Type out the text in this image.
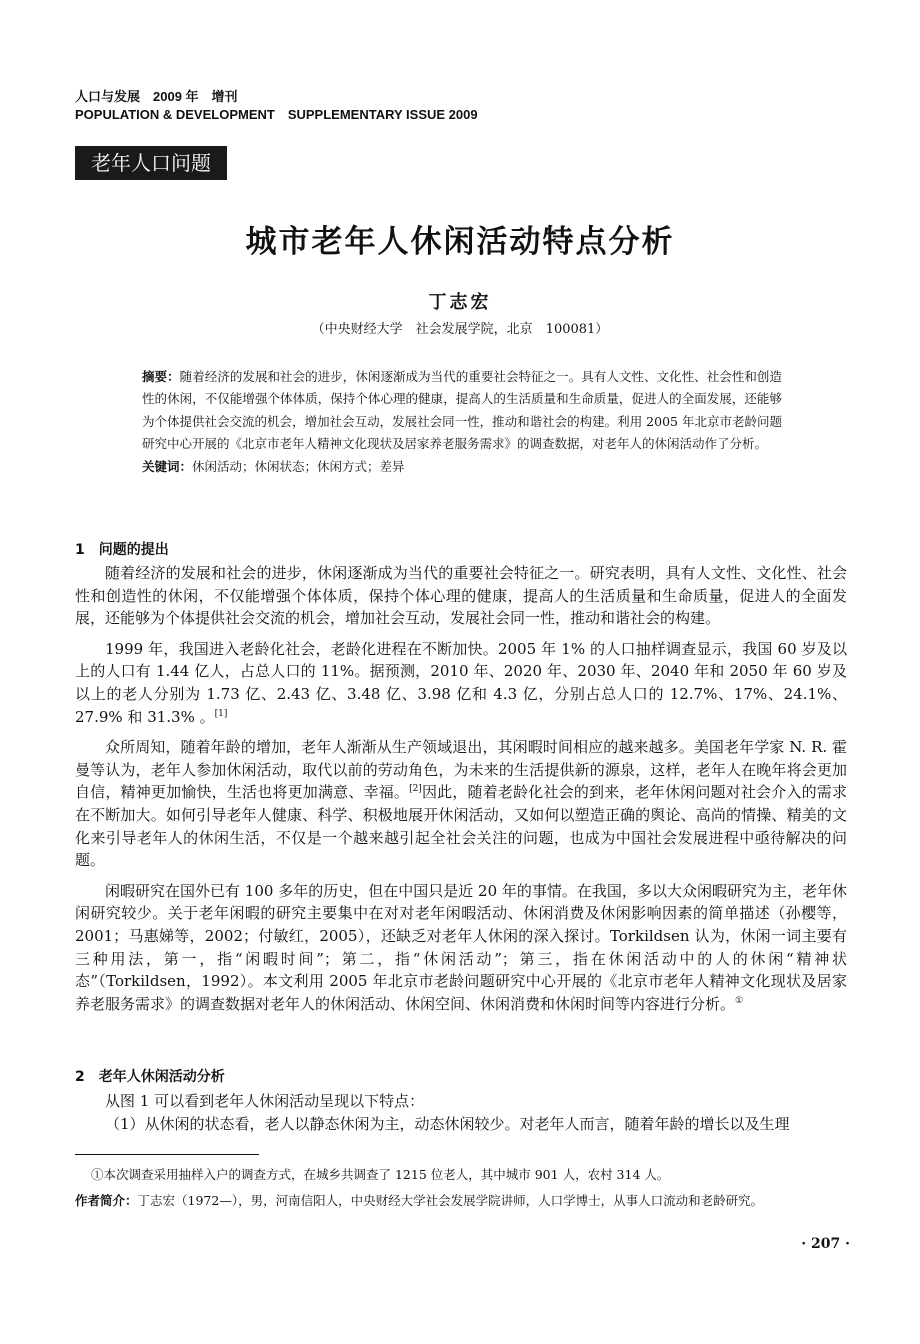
人口与发展　2009 年　增刊
POPULATION & DEVELOPMENT　SUPPLEMENTARY ISSUE 2009
老年人口问题
城市老年人休闲活动特点分析
丁志宏
（中央财经大学　社会发展学院，北京　100081）
摘要：随着经济的发展和社会的进步，休闲逐渐成为当代的重要社会特征之一。具有人文性、文化性、社会性和创造性的休闲，不仅能增强个体体质，保持个体心理的健康，提高人的生活质量和生命质量，促进人的全面发展，还能够为个体提供社会交流的机会，增加社会互动，发展社会同一性，推动和谐社会的构建。利用 2005 年北京市老龄问题研究中心开展的《北京市老年人精神文化现状及居家养老服务需求》的调查数据，对老年人的休闲活动作了分析。
关键词：休闲活动；休闲状态；休闲方式；差异
1　问题的提出

随着经济的发展和社会的进步，休闲逐渐成为当代的重要社会特征之一。研究表明，具有人文性、文化性、社会性和创造性的休闲，不仅能增强个体体质，保持个体心理的健康，提高人的生活质量和生命质量，促进人的全面发展，还能够为个体提供社会交流的机会，增加社会互动，发展社会同一性，推动和谐社会的构建。

1999 年，我国进入老龄化社会，老龄化进程在不断加快。2005 年 1% 的人口抽样调查显示，我国 60 岁及以上的人口有 1.44 亿人，占总人口的 11%。据预测，2010 年、2020 年、2030 年、2040 年和 2050 年 60 岁及以上的老人分别为 1.73 亿、2.43 亿、3.48 亿、3.98 亿和 4.3 亿，分别占总人口的 12.7%、17%、24.1%、27.9% 和 31.3% 。[1]

众所周知，随着年龄的增加，老年人渐渐从生产领域退出，其闲暇时间相应的越来越多。美国老年学家 N. R. 霍曼等认为，老年人参加休闲活动，取代以前的劳动角色，为未来的生活提供新的源泉，这样，老年人在晚年将会更加自信，精神更加愉快，生活也将更加满意、幸福。[2]因此，随着老龄化社会的到来，老年休闲问题对社会介入的需求在不断加大。如何引导老年人健康、科学、积极地展开休闲活动，又如何以塑造正确的舆论、高尚的情操、精美的文化来引导老年人的休闲生活，不仅是一个越来越引起全社会关注的问题，也成为中国社会发展进程中亟待解决的问题。

闲暇研究在国外已有 100 多年的历史，但在中国只是近 20 年的事情。在我国，多以大众闲暇研究为主，老年休闲研究较少。关于老年闲暇的研究主要集中在对对老年闲暇活动、休闲消费及休闲影响因素的简单描述（孙樱等，2001；马惠娣等，2002；付敏红，2005），还缺乏对老年人休闲的深入探讨。Torkildsen 认为，休闲一词主要有三种用法，第一，指“闲暇时间”；第二，指“休闲活动”；第三，指在休闲活动中的人的休闲“精神状态”（Torkildsen，1992）。本文利用 2005 年北京市老龄问题研究中心开展的《北京市老年人精神文化现状及居家养老服务需求》的调查数据对老年人的休闲活动、休闲空间、休闲消费和休闲时间等内容进行分析。①

2　老年人休闲活动分析

从图 1 可以看到老年人休闲活动呈现以下特点：

（1）从休闲的状态看，老人以静态休闲为主，动态休闲较少。对老年人而言，随着年龄的增长以及生理

①本次调查采用抽样入户的调查方式，在城乡共调查了 1215 位老人，其中城市 901 人，农村 314 人。
作者简介：丁志宏（1972—），男，河南信阳人，中央财经大学社会发展学院讲师，人口学博士，从事人口流动和老龄研究。
· 207 ·
